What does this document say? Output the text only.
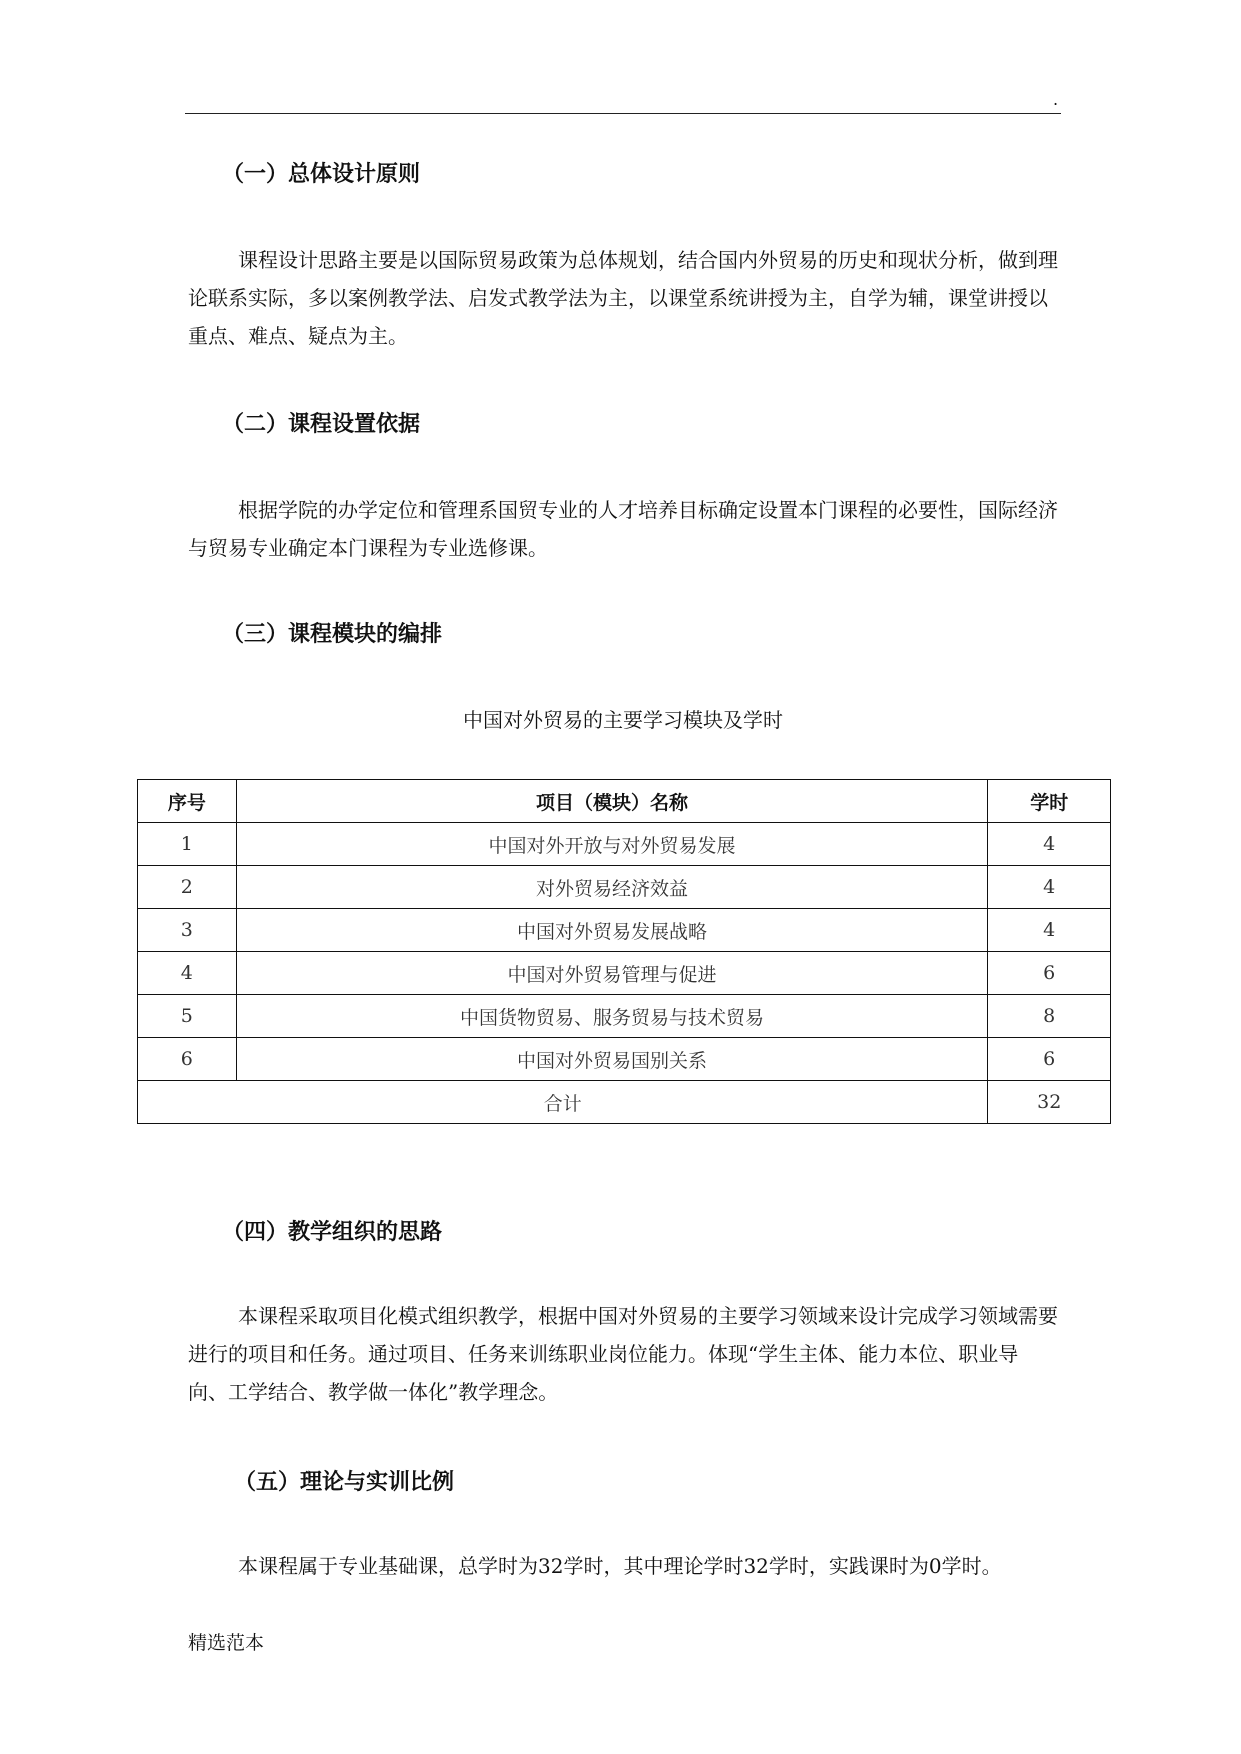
.
（一）总体设计原则

课程设计思路主要是以国际贸易政策为总体规划，结合国内外贸易的历史和现状分析，做到理论联系实际，多以案例教学法、启发式教学法为主，以课堂系统讲授为主，自学为辅，课堂讲授以重点、难点、疑点为主。

（二）课程设置依据

根据学院的办学定位和管理系国贸专业的人才培养目标确定设置本门课程的必要性，国际经济与贸易专业确定本门课程为专业选修课。

（三）课程模块的编排
中国对外贸易的主要学习模块及学时
序号	项目（模块）名称	学时
1	中国对外开放与对外贸易发展	4
2	对外贸易经济效益	4
3	中国对外贸易发展战略	4
4	中国对外贸易管理与促进	6
5	中国货物贸易、服务贸易与技术贸易	8
6	中国对外贸易国别关系	6
合计		32
（四）教学组织的思路

本课程采取项目化模式组织教学，根据中国对外贸易的主要学习领域来设计完成学习领域需要进行的项目和任务。通过项目、任务来训练职业岗位能力。体现“学生主体、能力本位、职业导向、工学结合、教学做一体化”教学理念。

（五）理论与实训比例

本课程属于专业基础课，总学时为32学时，其中理论学时32学时，实践课时为0学时。

精选范本
